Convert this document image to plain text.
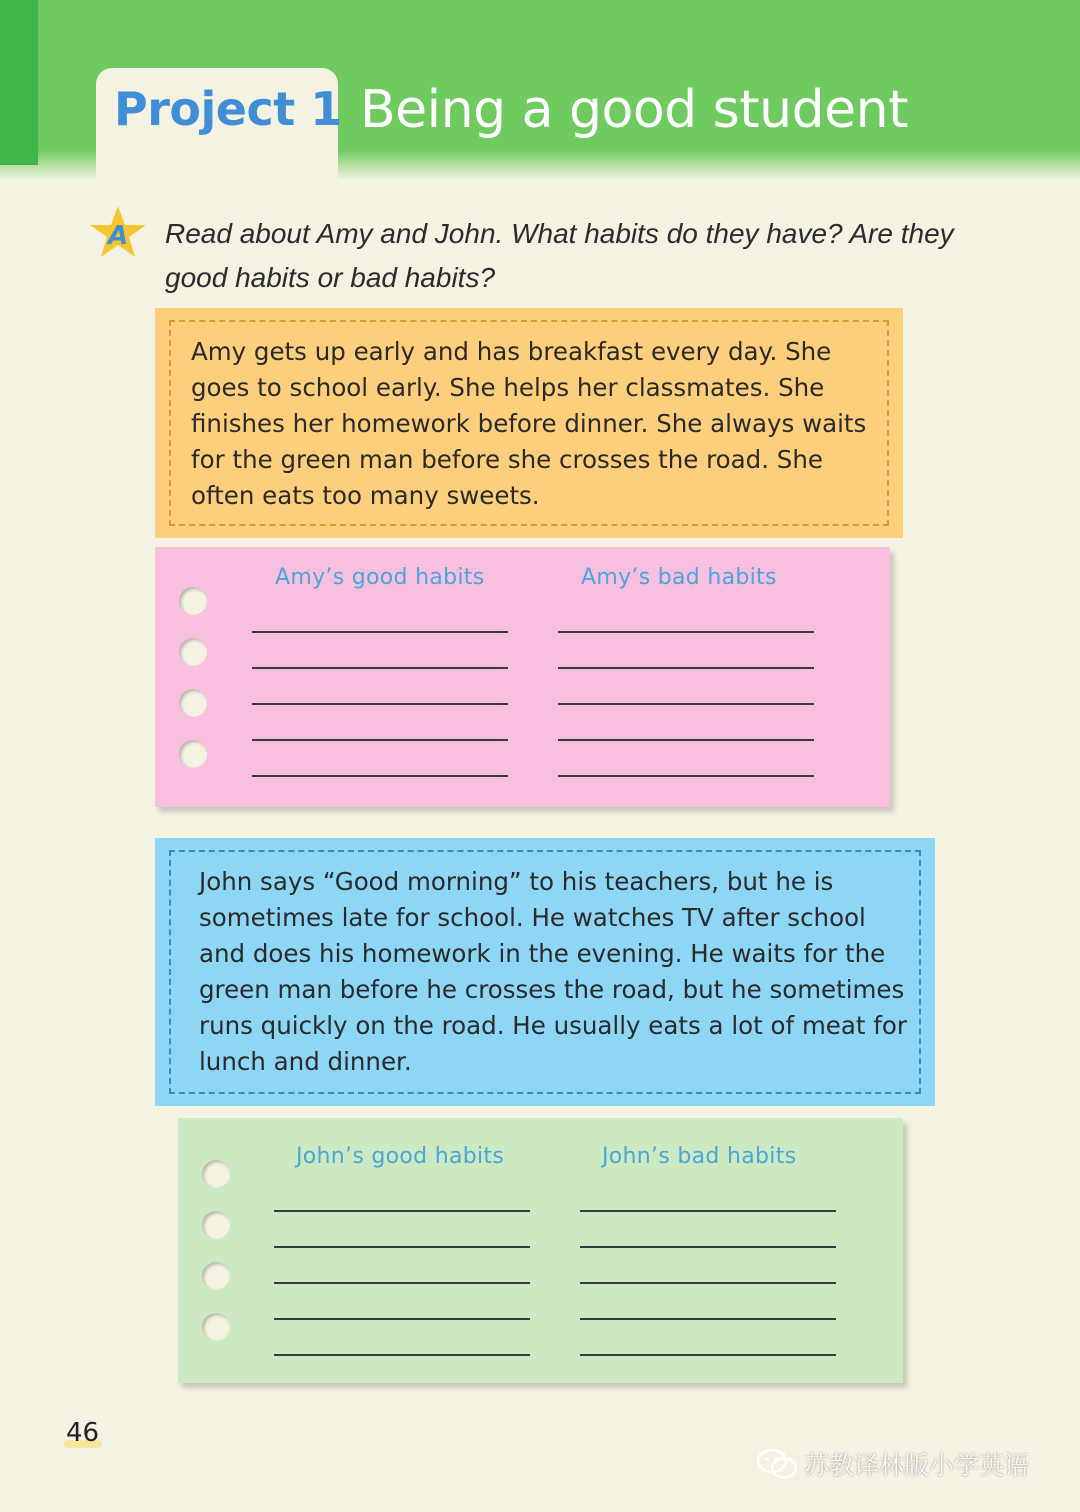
Project 1 Being a good student
A Read about Amy and John. What habits do they have? Are they good habits or bad habits?
Amy gets up early and has breakfast every day. She goes to school early. She helps her classmates. She finishes her homework before dinner. She always waits for the green man before she crosses the road. She often eats too many sweets.
Amy’s good habits	Amy’s bad habits
John says “Good morning” to his teachers, but he is sometimes late for school. He watches TV after school and does his homework in the evening. He waits for the green man before he crosses the road, but he sometimes runs quickly on the road. He usually eats a lot of meat for lunch and dinner.
John’s good habits	John’s bad habits
46
苏教译林版小学英语
